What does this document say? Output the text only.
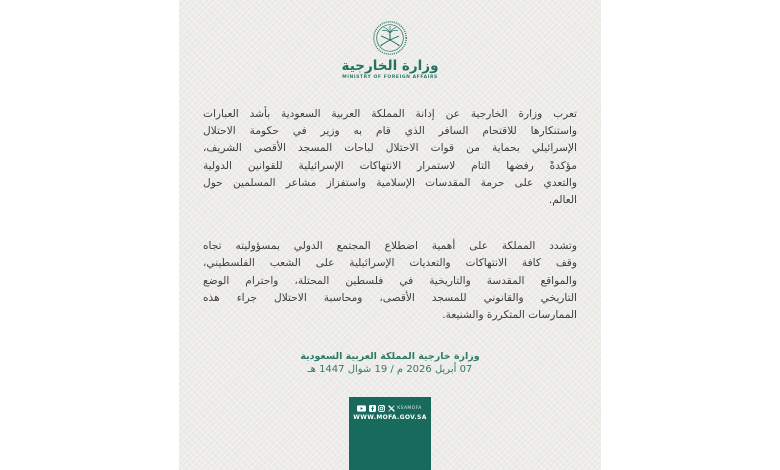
وزارة الخارجية
MINISTRY OF FOREIGN AFFAIRS
تعرب وزارة الخارجية عن إدانة المملكة العربية السعودية بأشد العبارات
واستنكارها للاقتحام السافر الذي قام به وزير في حكومة الاحتلال
الإسرائيلي بحماية من قوات الاحتلال لباحات المسجد الأقصى الشريف،
مؤكدةً رفضها التام لاستمرار الانتهاكات الإسرائيلية للقوانين الدولية
والتعدي على حرمة المقدسات الإسلامية واستفزاز مشاعر المسلمين حول
العالم.
وتشدد المملكة على أهمية اضطلاع المجتمع الدولي بمسؤوليته تجاه
وقف كافة الانتهاكات والتعديات الإسرائيلية على الشعب الفلسطيني،
والمواقع المقدسة والتاريخية في فلسطين المحتلة، واحترام الوضع
التاريخي والقانوني للمسجد الأقصى، ومحاسبة الاحتلال جراء هذه
الممارسات المتكررة والشنيعة.
وزارة خارجية المملكة العربية السعودية
07 أبريل 2026 م / 19 شوال 1447 هـ
KSAMOFA
WWW.MOFA.GOV.SA
